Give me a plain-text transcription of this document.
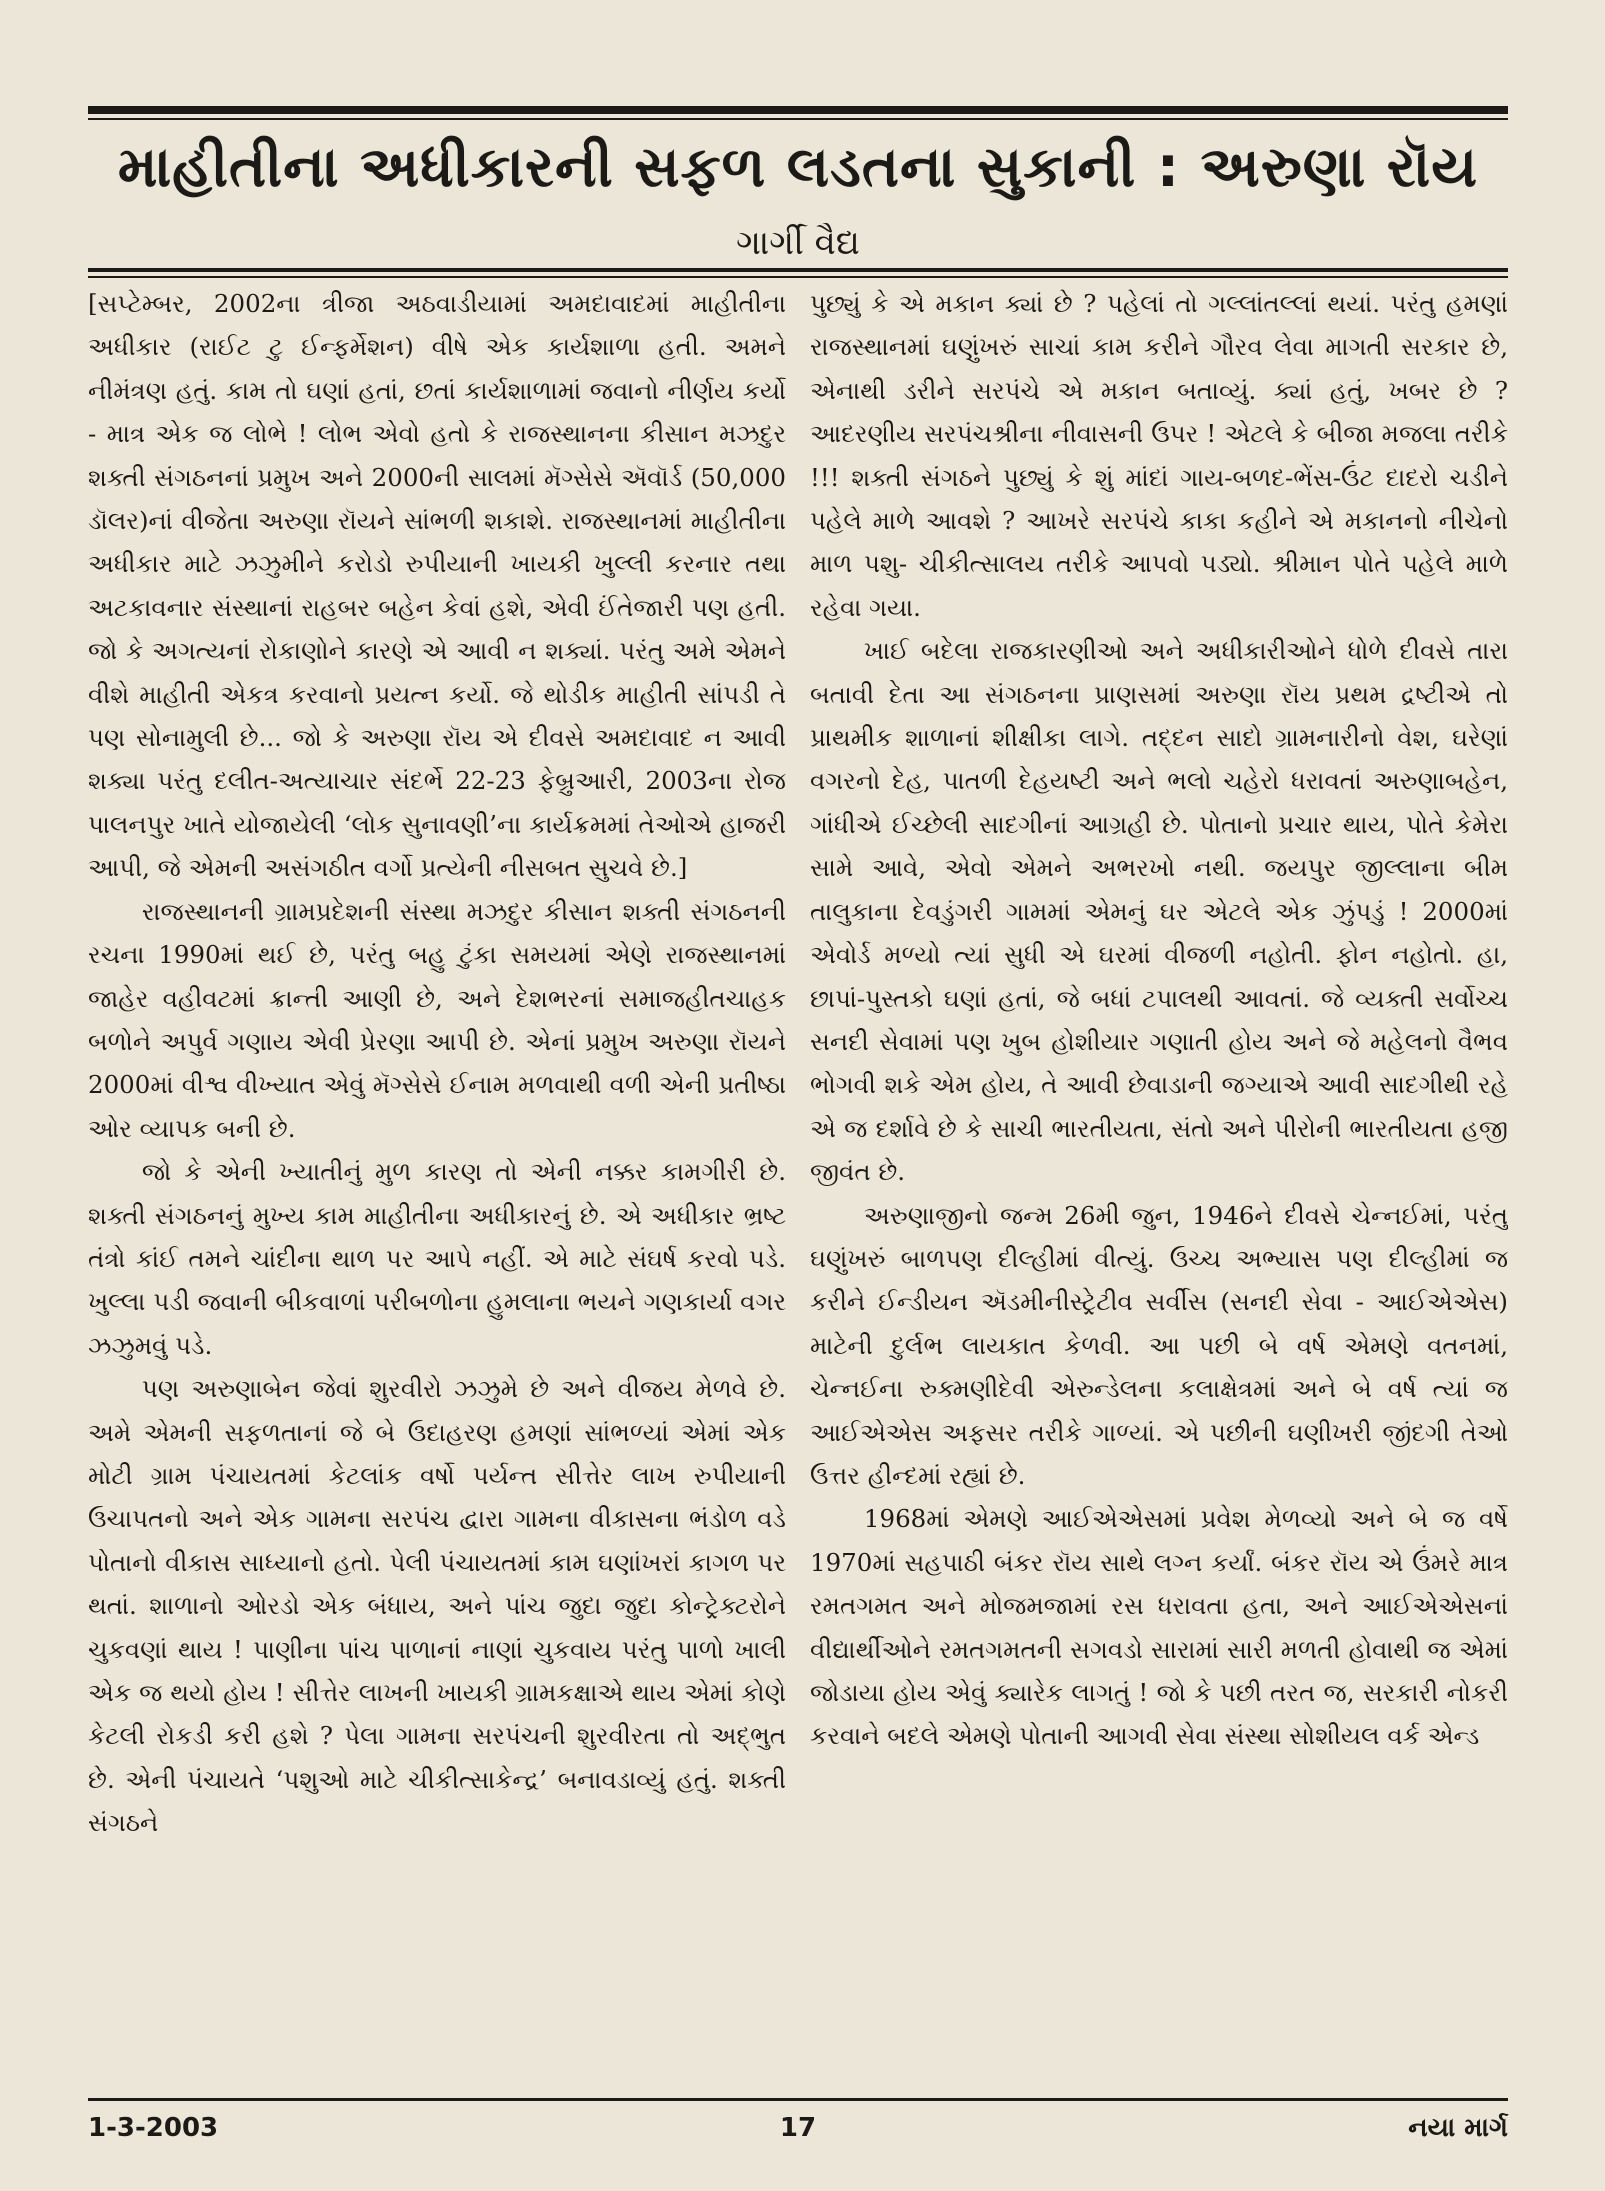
માહીતીના અધીકારની સફળ લડતના સુકાની : અરુણા રૉય
ગાર્ગી વૈદ્ય

[સપ્ટેમ્બર, 2002ના ત્રીજા અઠવાડીયામાં અમદાવાદમાં માહીતીના અધીકાર (રાઈટ ટુ ઈન્ફર્મેશન) વીષે એક કાર્યશાળા હતી. અમને નીમંત્રણ હતું. કામ તો ઘણાં હતાં, છતાં કાર્યશાળામાં જવાનો નીર્ણય કર્યો - માત્ર એક જ લોભે ! લોભ એવો હતો કે રાજસ્થાનના કીસાન મઝદુર શક્તી સંગઠનનાં પ્રમુખ અને 2000ની સાલમાં મૅગ્સેસે ઍવૉર્ડ (50,000 ડૉલર)નાં વીજેતા અરુણા રૉયને સાંભળી શકાશે. રાજસ્થાનમાં માહીતીના અધીકાર માટે ઝઝુમીને કરોડો રુપીયાની ખાયકી ખુલ્લી કરનાર તથા અટકાવનાર સંસ્થાનાં રાહબર બહેન કેવાં હશે, એવી ઈંતેજારી પણ હતી. જો કે અગત્યનાં રોકાણોને કારણે એ આવી ન શક્યાં. પરંતુ અમે એમને વીશે માહીતી એકત્ર કરવાનો પ્રયત્ન કર્યો. જે થોડીક માહીતી સાંપડી તે પણ સોનામુલી છે... જો કે અરુણા રૉય એ દીવસે અમદાવાદ ન આવી શક્યા પરંતુ દલીત-અત્યાચાર સંદર્ભે 22-23 ફેબ્રુઆરી, 2003ના રોજ પાલનપુર ખાતે યોજાયેલી ‘લોક સુનાવણી’ના કાર્યક્રમમાં તેઓએ હાજરી આપી, જે એમની અસંગઠીત વર્ગો પ્રત્યેની નીસબત સુચવે છે.]

રાજસ્થાનની ગ્રામપ્રદેશની સંસ્થા મઝદુર કીસાન શક્તી સંગઠનની રચના 1990માં થઈ છે, પરંતુ બહુ ટુંકા સમયમાં એણે રાજસ્થાનમાં જાહેર વહીવટમાં ક્રાન્તી આણી છે, અને દેશભરનાં સમાજહીતચાહક બળોને અપુર્વ ગણાય એવી પ્રેરણા આપી છે. એનાં પ્રમુખ અરુણા રૉયને 2000માં વીશ્વ વીખ્યાત એવું મૅગ્સેસે ઈનામ મળવાથી વળી એની પ્રતીષ્ઠા ઓર વ્યાપક બની છે.

જો કે એની ખ્યાતીનું મુળ કારણ તો એની નક્કર કામગીરી છે. શક્તી સંગઠનનું મુખ્ય કામ માહીતીના અધીકારનું છે. એ અધીકાર ભ્રષ્ટ તંત્રો કાંઈ તમને ચાંદીના થાળ પર આપે નહીં. એ માટે સંઘર્ષ કરવો પડે. ખુલ્લા પડી જવાની બીકવાળાં પરીબળોના હુમલાના ભયને ગણકાર્યા વગર ઝઝુમવું પડે.

પણ અરુણાબેન જેવાં શુરવીરો ઝઝુમે છે અને વીજય મેળવે છે. અમે એમની સફળતાનાં જે બે ઉદાહરણ હમણાં સાંભળ્યાં એમાં એક મોટી ગ્રામ પંચાયતમાં કેટલાંક વર્ષો પર્યન્ત સીત્તેર લાખ રુપીયાની ઉચાપતનો અને એક ગામના સરપંચ દ્વારા ગામના વીકાસના ભંડોળ વડે પોતાનો વીકાસ સાધ્યાનો હતો. પેલી પંચાયતમાં કામ ઘણાંખરાં કાગળ પર થતાં. શાળાનો ઓરડો એક બંધાય, અને પાંચ જુદા જુદા કોન્ટ્રેક્ટરોને ચુકવણાં થાય ! પાણીના પાંચ પાળાનાં નાણાં ચુકવાય પરંતુ પાળો ખાલી એક જ થયો હોય ! સીત્તેર લાખની ખાયકી ગ્રામકક્ષાએ થાય એમાં કોણે કેટલી રોકડી કરી હશે ? પેલા ગામના સરપંચની શુરવીરતા તો અદ્ભુત છે. એની પંચાયતે ‘પશુઓ માટે ચીકીત્સાકેન્દ્ર’ બનાવડાવ્યું હતું. શક્તી સંગઠને

પુછ્યું કે એ મકાન ક્યાં છે ? પહેલાં તો ગલ્લાંતલ્લાં થયાં. પરંતુ હમણાં રાજસ્થાનમાં ઘણુંખરું સાચાં કામ કરીને ગૌરવ લેવા માગતી સરકાર છે, એનાથી ડરીને સરપંચે એ મકાન બતાવ્યું. ક્યાં હતું, ખબર છે ? આદરણીય સરપંચશ્રીના નીવાસની ઉપર ! એટલે કે બીજા મજલા તરીકે !!! શક્તી સંગઠને પુછ્યું કે શું માંદાં ગાય-બળદ-ભેંસ-ઉંટ દાદરો ચડીને પહેલે માળે આવશે ? આખરે સરપંચે કાકા કહીને એ મકાનનો નીચેનો માળ પશુ- ચીકીત્સાલય તરીકે આપવો પડ્યો. શ્રીમાન પોતે પહેલે માળે રહેવા ગયા.

ખાઈ બદેલા રાજકારણીઓ અને અધીકારીઓને ધોળે દીવસે તારા બતાવી દેતા આ સંગઠનના પ્રાણસમાં અરુણા રૉય પ્રથમ દ્રષ્ટીએ તો પ્રાથમીક શાળાનાં શીક્ષીકા લાગે. તદ્દન સાદો ગ્રામનારીનો વેશ, ઘરેણાં વગરનો દેહ, પાતળી દેહયષ્ટી અને ભલો ચહેરો ધરાવતાં અરુણાબહેન, ગાંધીએ ઈચ્છેલી સાદગીનાં આગ્રહી છે. પોતાનો પ્રચાર થાય, પોતે કેમેરા સામે આવે, એવો એમને અભરખો નથી. જયપુર જીલ્લાના બીમ તાલુકાના દેવડુંગરી ગામમાં એમનું ઘર એટલે એક ઝુંપડું ! 2000માં એવોર્ડ મળ્યો ત્યાં સુધી એ ઘરમાં વીજળી નહોતી. ફોન નહોતો. હા, છાપાં-પુસ્તકો ઘણાં હતાં, જે બધાં ટપાલથી આવતાં. જે વ્યક્તી સર્વોચ્ચ સનદી સેવામાં પણ ખુબ હોશીયાર ગણાતી હોય અને જે મહેલનો વૈભવ ભોગવી શકે એમ હોય, તે આવી છેવાડાની જગ્યાએ આવી સાદગીથી રહે એ જ દર્શાવે છે કે સાચી ભારતીયતા, સંતો અને પીરોની ભારતીયતા હજી જીવંત છે.

અરુણાજીનો જન્મ 26મી જુન, 1946ને દીવસે ચેન્નઈમાં, પરંતુ ઘણુંખરું બાળપણ દીલ્હીમાં વીત્યું. ઉચ્ચ અભ્યાસ પણ દીલ્હીમાં જ કરીને ઈન્ડીયન ઍડમીનીસ્ટ્રેટીવ સર્વીસ (સનદી સેવા - આઈએએસ) માટેની દુર્લભ લાયકાત કેળવી. આ પછી બે વર્ષ એમણે વતનમાં, ચેન્નઈના રુક્મણીદેવી એરુન્ડેલના કલાક્ષેત્રમાં અને બે વર્ષ ત્યાં જ આઈએએસ અફસર તરીકે ગાળ્યાં. એ પછીની ઘણીખરી જીંદગી તેઓ ઉત્તર હીન્દમાં રહ્યાં છે.

1968માં એમણે આઈએએસમાં પ્રવેશ મેળવ્યો અને બે જ વર્ષે 1970માં સહપાઠી બંકર રૉય સાથે લગ્ન કર્યાં. બંકર રૉય એ ઉંમરે માત્ર રમતગમત અને મોજમજામાં રસ ધરાવતા હતા, અને આઈએએસનાં વીદ્યાર્થીઓને રમતગમતની સગવડો સારામાં સારી મળતી હોવાથી જ એમાં જોડાયા હોય એવું ક્યારેક લાગતું ! જો કે પછી તરત જ, સરકારી નોકરી કરવાને બદલે એમણે પોતાની આગવી સેવા સંસ્થા સોશીયલ વર્ક એન્ડ

1-3-2003	17	નયા માર્ગ
